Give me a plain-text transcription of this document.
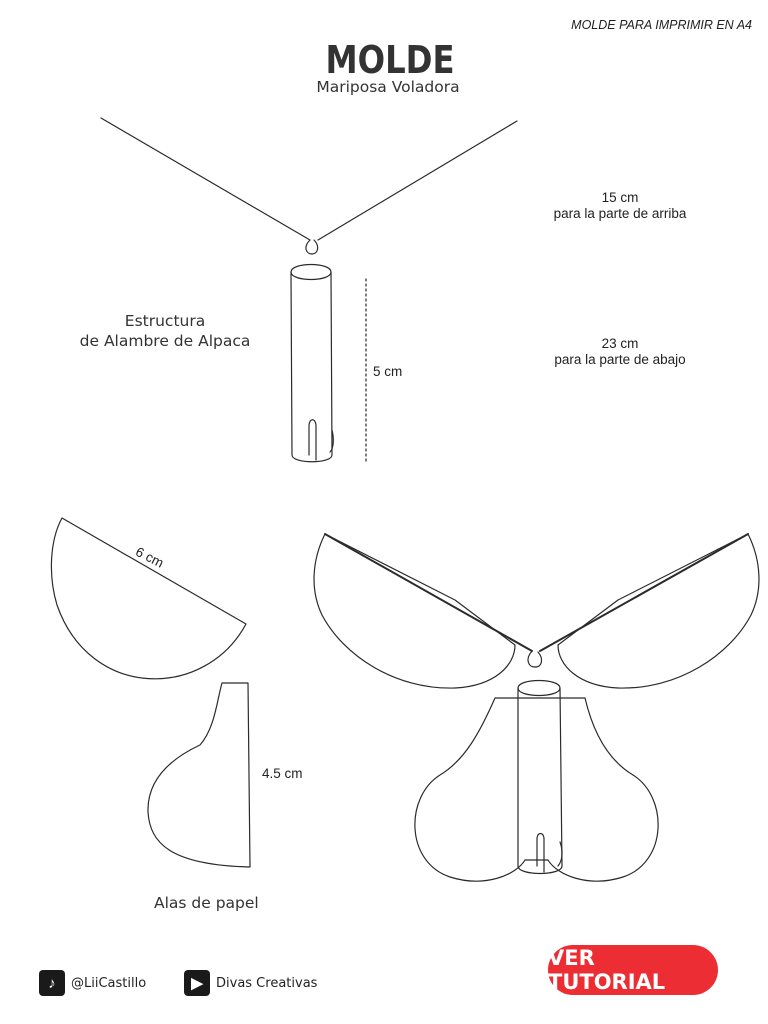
MOLDE PARA IMPRIMIR EN A4
MOLDE
Mariposa Voladora
15 cm
para la parte de arriba
23 cm
para la parte de abajo
5 cm
Estructura
de Alambre de Alpaca
6 cm
4.5 cm
Alas de papel
♪	@LiiCastillo	▶	Divas Creativas
VER TUTORIAL
